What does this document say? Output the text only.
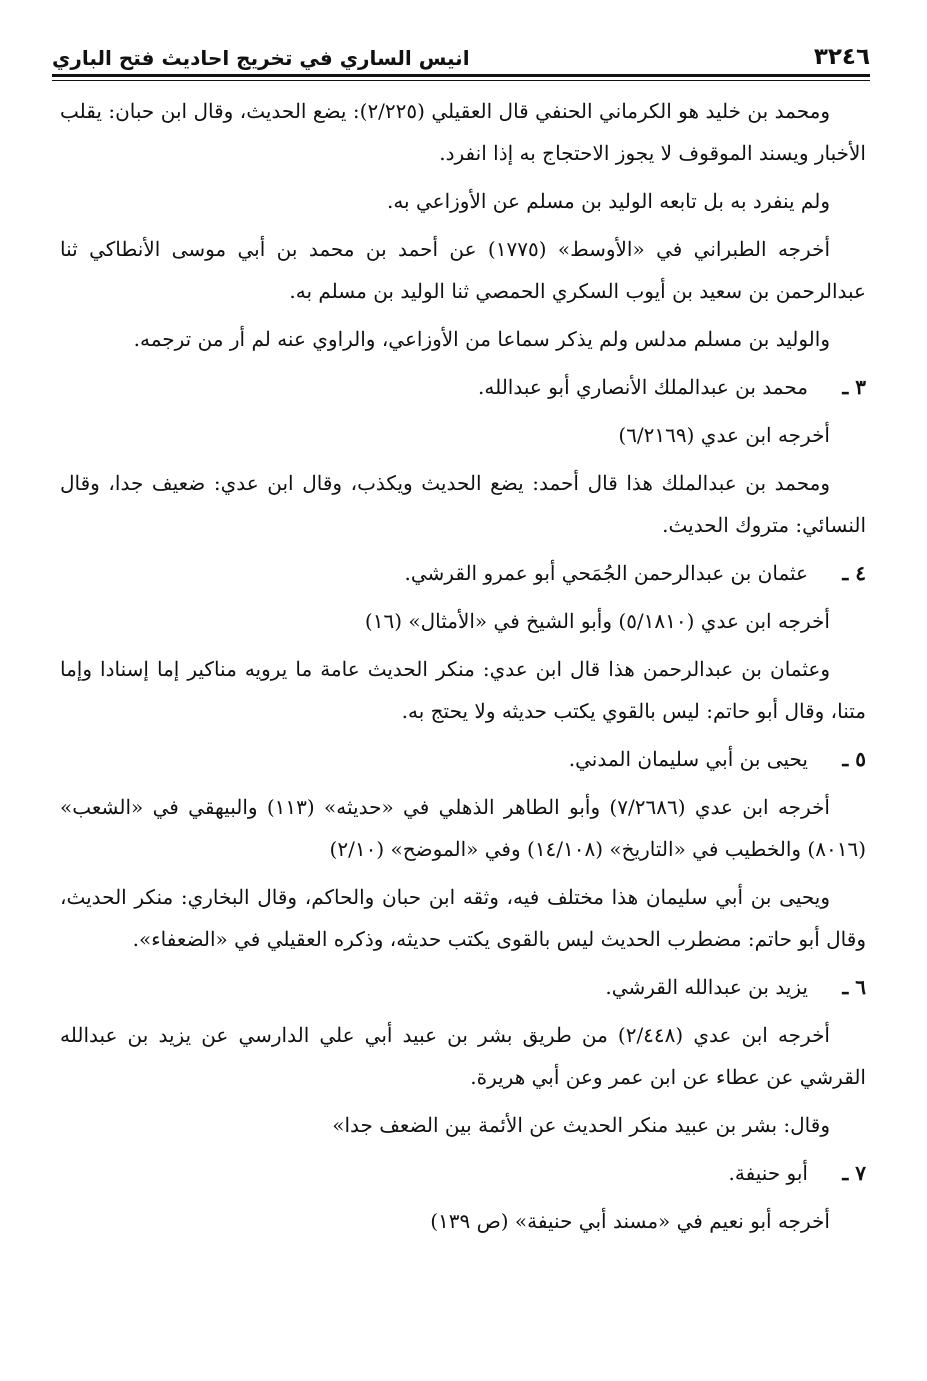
٣٢٤٦
انيس الساري في تخريج احاديث فتح الباري

ومحمد بن خليد هو الكرماني الحنفي قال العقيلي (٢/٢٢٥): يضع الحديث، وقال ابن حبان: يقلب الأخبار ويسند الموقوف لا يجوز الاحتجاج به إذا انفرد.

ولم ينفرد به بل تابعه الوليد بن مسلم عن الأوزاعي به.

أخرجه الطبراني في «الأوسط» (١٧٧٥) عن أحمد بن محمد بن أبي موسى الأنطاكي ثنا عبدالرحمن بن سعيد بن أيوب السكري الحمصي ثنا الوليد بن مسلم به.

والوليد بن مسلم مدلس ولم يذكر سماعا من الأوزاعي، والراوي عنه لم أر من ترجمه.

٣ ـ
محمد بن عبدالملك الأنصاري أبو عبدالله.

أخرجه ابن عدي (٦/٢١٦٩)

ومحمد بن عبدالملك هذا قال أحمد: يضع الحديث ويكذب، وقال ابن عدي: ضعيف جدا، وقال النسائي: متروك الحديث.

٤ ـ
عثمان بن عبدالرحمن الجُمَحي أبو عمرو القرشي.

أخرجه ابن عدي (٥/١٨١٠) وأبو الشيخ في «الأمثال» (١٦)

وعثمان بن عبدالرحمن هذا قال ابن عدي: منكر الحديث عامة ما يرويه مناكير إما إسنادا وإما متنا، وقال أبو حاتم: ليس بالقوي يكتب حديثه ولا يحتج به.

٥ ـ
يحيى بن أبي سليمان المدني.

أخرجه ابن عدي (٧/٢٦٨٦) وأبو الطاهر الذهلي في «حديثه» (١١٣) والبيهقي في «الشعب» (٨٠١٦) والخطيب في «التاريخ» (١٤/١٠٨) وفي «الموضح» (٢/١٠)

ويحيى بن أبي سليمان هذا مختلف فيه، وثقه ابن حبان والحاكم، وقال البخاري: منكر الحديث، وقال أبو حاتم: مضطرب الحديث ليس بالقوى يكتب حديثه، وذكره العقيلي في «الضعفاء».

٦ ـ
يزيد بن عبدالله القرشي.

أخرجه ابن عدي (٢/٤٤٨) من طريق بشر بن عبيد أبي علي الدارسي عن يزيد بن عبدالله القرشي عن عطاء عن ابن عمر وعن أبي هريرة.

وقال: بشر بن عبيد منكر الحديث عن الأئمة بين الضعف جدا»

٧ ـ
أبو حنيفة.

أخرجه أبو نعيم في «مسند أبي حنيفة» (ص ١٣٩)
